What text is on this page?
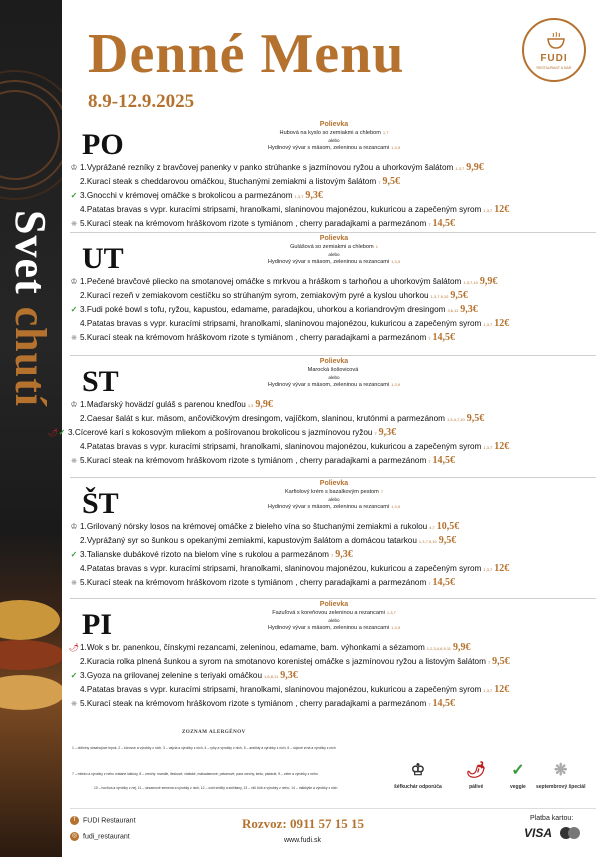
Svet chutí
Denné Menu
8.9-12.9.2025
FUDI
RESTAURANT & BAR
PO
Polievka
Hubová na kyslo so zemiakmi a chlebom 1,7
alebo
Hydinový vývar s mäsom, zeleninou a rezancami 1,3,9
♔ 1.Vyprážané rezníky z bravčovej panenky v panko strúhanke s jazmínovou ryžou a uhorkovým šalátom 1,3,7 9,9€
2.Kurací steak s cheddarovou omáčkou, štuchanými zemiakmi a listovým šalátom 7 9,5€
✓ 3.Gnocchi v krémovej omáčke s brokolicou a parmezánom 1,3,7 9,3€
4.Patatas bravas s vypr. kuracími stripsami, hranolkami, slaninovou majonézou, kukuricou a zapečeným syrom 1,3,7 12€
❋ 5.Kurací steak na krémovom hráškovom rizote s tymiánom , cherry paradajkami a parmezánom 7 14,5€
UT
Polievka
Gulášová so zemiakmi a chlebom 1
alebo
Hydinový vývar s mäsom, zeleninou a rezancami 1,3,9
♔ 1.Pečené bravčové pliecko na smotanovej omáčke s mrkvou a hráškom s tarhoňou a uhorkovým šalátom 1,3,7,10 9,9€
2.Kurací rezeň v zemiakovom cestíčku so strúhaným syrom, zemiakovým pyré a kyslou uhorkou 1,3,7,9,10 9,5€
✓ 3.Fudi poké bowl s tofu, ryžou, kapustou, edamame, paradajkou, uhorkou a koriandrovým dresingom 3,6,11 9,3€
4.Patatas bravas s vypr. kuracími stripsami, hranolkami, slaninovou majonézou, kukuricou a zapečeným syrom 1,3,7 12€
❋ 5.Kurací steak na krémovom hráškovom rizote s tymiánom , cherry paradajkami a parmezánom 7 14,5€
ST
Polievka
Marocká šošovicová
alebo
Hydinový vývar s mäsom, zeleninou a rezancami 1,3,9
♔ 1.Maďarský hovädzí guláš s parenou knedľou 1,3 9,9€
2.Caesar šalát s kur. mäsom, ančovičkovým dresingom, vajíčkom, slaninou, krutónmi a parmezánom 1,3,4,7,10 9,5€
🌶✓ 3.Cícerové karí s kokosovým mliekom a pošírovanou brokolicou s jazmínovou ryžou 7 9,3€
4.Patatas bravas s vypr. kuracími stripsami, hranolkami, slaninovou majonézou, kukuricou a zapečeným syrom 1,3,7 12€
❋ 5.Kurací steak na krémovom hráškovom rizote s tymiánom , cherry paradajkami a parmezánom 7 14,5€
ŠT
Polievka
Karfiolový krém s bazalkovým pestom 7
alebo
Hydinový vývar s mäsom, zeleninou a rezancami 1,3,9
♔ 1.Grilovaný nórsky losos na krémovej omáčke z bieleho vína so štuchanými zemiakmi a rukolou 4,7 10,5€
2.Vyprážaný syr so šunkou s opekanými zemiakmi, kapustovým šalátom a domácou tatarkou 1,3,7,9,10 9,5€
✓ 3.Talianske dubákové rizoto na bielom víne s rukolou a parmezánom 7 9,3€
4.Patatas bravas s vypr. kuracími stripsami, hranolkami, slaninovou majonézou, kukuricou a zapečeným syrom 1,3,7 12€
❋ 5.Kurací steak na krémovom hráškovom rizote s tymiánom , cherry paradajkami a parmezánom 7 14,5€
PI
Polievka
Fazuľová s koreňovou zeleninou a rezancami 1,3,7
alebo
Hydinový vývar s mäsom, zeleninou a rezancami 1,3,9
🌶1.Wok s br. panenkou, čínskymi rezancami, zeleninou, edamame, bam. výhonkami a sézamom 1,2,3,4,6,9,11 9,9€
2.Kuracia rolka plnená šunkou a syrom na smotanovo korenistej omáčke s jazmínovou ryžou a listovým šalátom 7 9,5€
✓ 3.Gyoza na grilovanej zelenine s teriyaki omáčkou 1,6,8,11 9,3€
4.Patatas bravas s vypr. kuracími stripsami, hranolkami, slaninovou majonézou, kukuricou a zapečeným syrom 1,3,7 12€
❋ 5.Kurací steak na krémovom hráškovom rizote s tymiánom , cherry paradajkami a parmezánom 7 14,5€
ZOZNAM ALERGÉNOV
1 – obilniny obsahujúce lepok, 2 – kôrovce a výrobky z nich, 3 – vajcia a výrobky z nich, 4 – ryby a výrobky z nich, 5 – arašidy a výrobky z nich, 6 – sójové zrná a výrobky z nich
7 – mlieko a výrobky z neho vrátane laktózy, 8 – orechy: mandle, lieskové, vlašské, makadamové, pekanové, para orechy, kešu, pistácie, 9 – zeler a výrobky z neho
10 – horčica a výrobky z nej, 11 – sezamové semená a výrobky z nich, 12 – oxid siričitý a siričitany, 13 – vlčí bôb a výrobky z neho, 14 – mäkkýše a výrobky z nich
♔
šéfkuchár odporúča
🌶
pálivé
✓
veggie
❋
septembrový špeciál
f FUDI Restaurant
◎ fudi_restaurant
Rozvoz: 0911 57 15 15
www.fudi.sk
Platba kartou:
VISA
